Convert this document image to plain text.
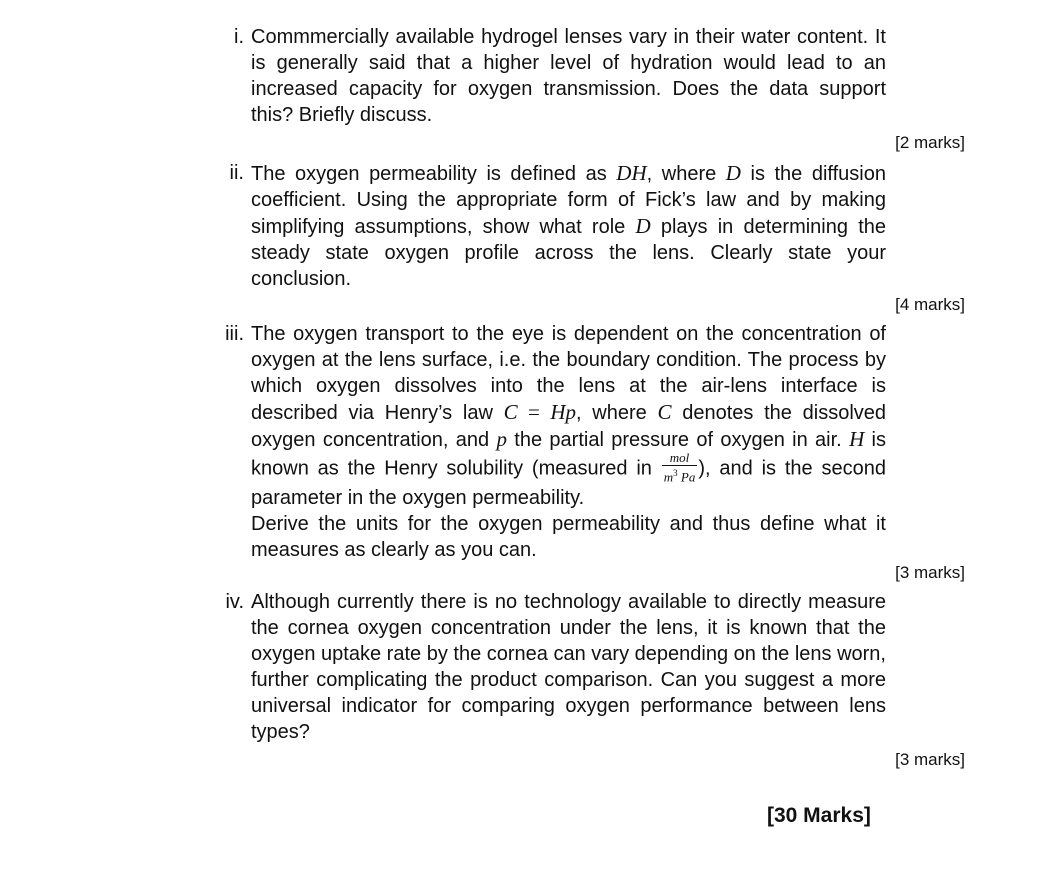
i. Commmercially available hydrogel lenses vary in their water content. It is generally said that a higher level of hydration would lead to an increased capacity for oxygen transmission. Does the data support this? Briefly discuss.
[2 marks]
ii. The oxygen permeability is defined as DH, where D is the diffusion coefficient. Using the appropriate form of Fick’s law and by making simplifying assumptions, show what role D plays in determining the steady state oxygen profile across the lens. Clearly state your conclusion.
[4 marks]
iii. The oxygen transport to the eye is dependent on the concentration of oxygen at the lens surface, i.e. the boundary condition. The process by which oxygen dissolves into the lens at the air-lens interface is described via Henry’s law C = Hp, where C denotes the dissolved oxygen concentration, and p the partial pressure of oxygen in air. H is known as the Henry solubility (measured in $\frac{\text{mol}}{m^3 Pa}$ ), and is the second parameter in the oxygen permeability.
Derive the units for the oxygen permeability and thus define what it measures as clearly as you can.
[3 marks]
iv. Although currently there is no technology available to directly measure the cornea oxygen concentration under the lens, it is known that the oxygen uptake rate by the cornea can vary depending on the lens worn, further complicating the product comparison. Can you suggest a more universal indicator for comparing oxygen performance between lens types?
[3 marks]
[30 Marks]
